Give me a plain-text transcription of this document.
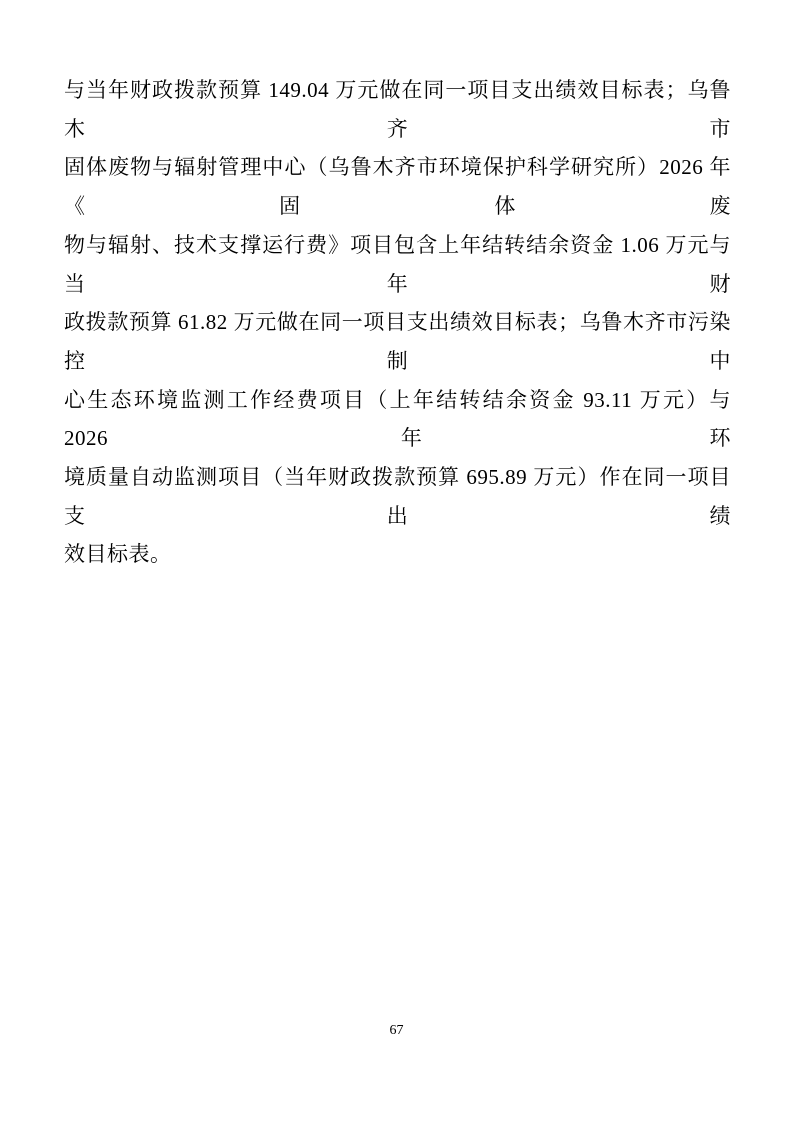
与当年财政拨款预算 149.04 万元做在同一项目支出绩效目标表；乌鲁木齐市
固体废物与辐射管理中心（乌鲁木齐市环境保护科学研究所）2026 年《固体废
物与辐射、技术支撑运行费》项目包含上年结转结余资金 1.06 万元与当年财
政拨款预算 61.82 万元做在同一项目支出绩效目标表；乌鲁木齐市污染控制中
心生态环境监测工作经费项目（上年结转结余资金 93.11 万元）与 2026 年环
境质量自动监测项目（当年财政拨款预算 695.89 万元）作在同一项目支出绩
效目标表。
67
